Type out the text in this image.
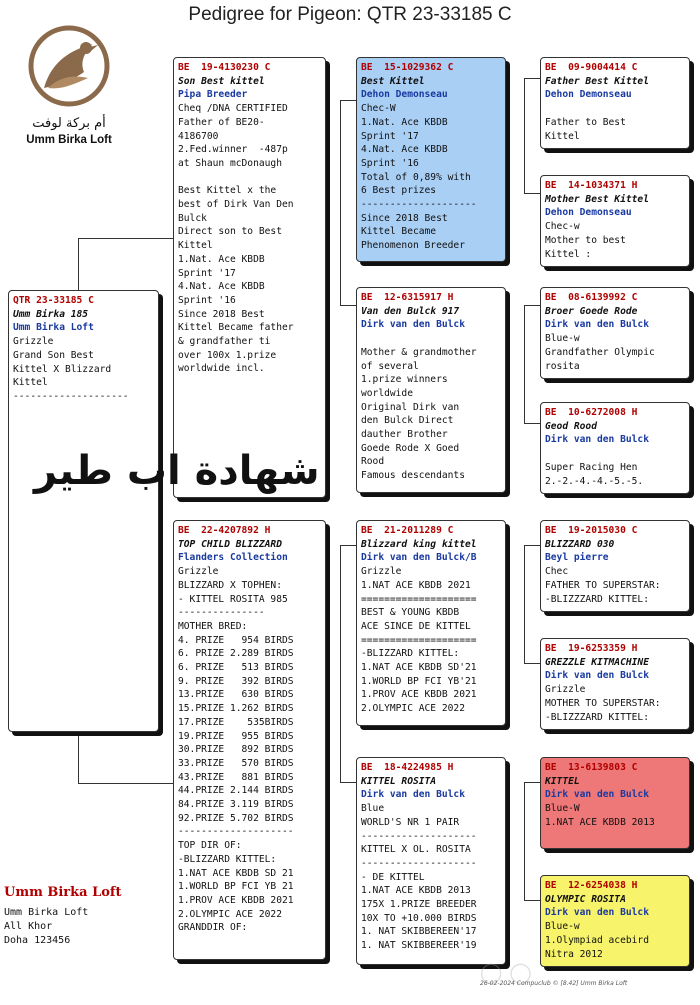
Pedigree for Pigeon: QTR 23-33185 C
أم بركة لوفت
Umm Birka Loft
QTR 23-33185 C
Umm Birka 185
Umm Birka Loft
Grizzle
Grand Son Best
Kittel X Blizzard
Kittel
--------------------
BE  19-4130230 C
Son Best kittel
Pipa Breeder
Cheq /DNA CERTIFIED
Father of BE20-
4186700
2.Fed.winner  -487p
at Shaun mcDonaugh
Best Kittel x the
best of Dirk Van Den
Bulck
Direct son to Best
Kittel
1.Nat. Ace KBDB
Sprint '17
4.Nat. Ace KBDB
Sprint '16
Since 2018 Best
Kittel Became father
& grandfather ti
over 100x 1.prize
worldwide incl.
BE  22-4207892 H
TOP CHILD BLIZZARD
Flanders Collection
Grizzle
BLIZZARD X TOPHEN:
- KITTEL ROSITA 985
---------------
MOTHER BRED:
4. PRIZE   954 BIRDS
6. PRIZE 2.289 BIRDS
6. PRIZE   513 BIRDS
9. PRIZE   392 BIRDS
13.PRIZE   630 BIRDS
15.PRIZE 1.262 BIRDS
17.PRIZE    535BIRDS
19.PRIZE   955 BIRDS
30.PRIZE   892 BIRDS
33.PRIZE   570 BIRDS
43.PRIZE   881 BIRDS
44.PRIZE 2.144 BIRDS
84.PRIZE 3.119 BIRDS
92.PRIZE 5.702 BIRDS
--------------------
TOP DIR OF:
-BLIZZARD KITTEL:
1.NAT ACE KBDB SD 21
1.WORLD BP FCI YB 21
1.PROV ACE KBDB 2021
2.OLYMPIC ACE 2022
GRANDDIR OF:
BE  15-1029362 C
Best Kittel
Dehon Demonseau
Chec-W
1.Nat. Ace KBDB
Sprint '17
4.Nat. Ace KBDB
Sprint '16
Total of 0,89% with
6 Best prizes
--------------------
Since 2018 Best
Kittel Became
Phenomenon Breeder
BE  12-6315917 H
Van den Bulck 917
Dirk van den Bulck
Mother & grandmother
of several
1.prize winners
worldwide
Original Dirk van
den Bulck Direct
dauther Brother
Goede Rode X Goed
Rood
Famous descendants
BE  21-2011289 C
Blizzard king kittel
Dirk van den Bulck/B
Grizzle
1.NAT ACE KBDB 2021
====================
BEST & YOUNG KBDB
ACE SINCE DE KITTEL
====================
-BLIZZARD KITTEL:
1.NAT ACE KBDB SD'21
1.WORLD BP FCI YB'21
1.PROV ACE KBDB 2021
2.OLYMPIC ACE 2022
BE  18-4224985 H
KITTEL ROSITA
Dirk van den Bulck
Blue
WORLD'S NR 1 PAIR
--------------------
KITTEL X OL. ROSITA
--------------------
- DE KITTEL
1.NAT ACE KBDB 2013
175X 1.PRIZE BREEDER
10X TO +10.000 BIRDS
1. NAT SKIBBEREEN'17
1. NAT SKIBBEREER'19
BE  09-9004414 C
Father Best Kittel
Dehon Demonseau
Father to Best
Kittel
BE  14-1034371 H
Mother Best Kittel
Dehon Demonseau
Chec-w
Mother to best
Kittel :
BE  08-6139992 C
Broer Goede Rode
Dirk van den Bulck
Blue-w
Grandfather Olympic
rosita
BE  10-6272008 H
Geod Rood
Dirk van den Bulck
Super Racing Hen
2.-2.-4.-4.-5.-5.
BE  19-2015030 C
BLIZZARD 030
Beyl pierre
Chec
FATHER TO SUPERSTAR:
-BLIZZZARD KITTEL:
BE  19-6253359 H
GREZZLE KITMACHINE
Dirk van den Bulck
Grizzle
MOTHER TO SUPERSTAR:
-BLIZZZARD KITTEL:
BE  13-6139803 C
KITTEL
Dirk van den Bulck
Blue-W
1.NAT ACE KBDB 2013
BE  12-6254038 H
OLYMPIC ROSITA
Dirk van den Bulck
Blue-w
1.Olympiad acebird
Nitra 2012
شهادة اب طير
Umm Birka Loft
Umm Birka Loft
All Khor
Doha 123456
◯ ◯
26-02-2024 Compuclub © [8.42] Umm Birka Loft
